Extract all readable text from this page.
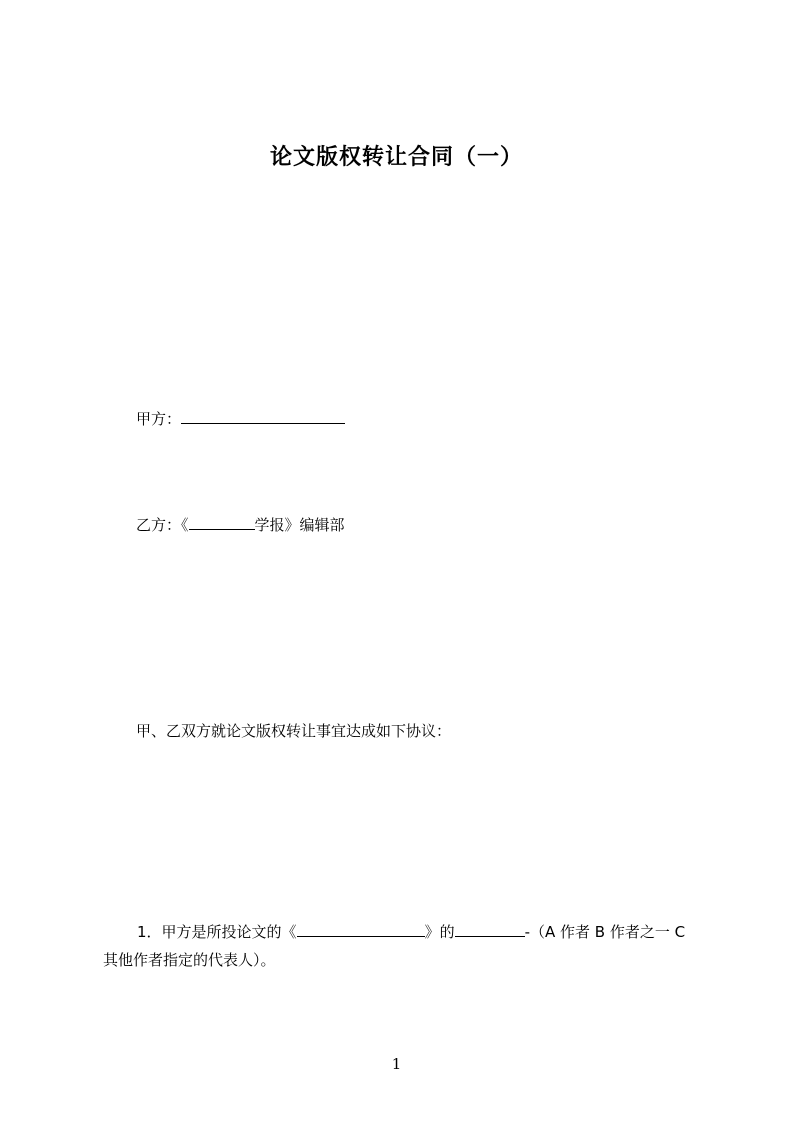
论文版权转让合同（一）
甲方：
乙方：《	学报》编辑部
甲、乙双方就论文版权转让事宜达成如下协议：
1．甲方是所投论文的《	》的	-（A 作者 B 作者之一 C 其他作者指定的代表人）。
1
